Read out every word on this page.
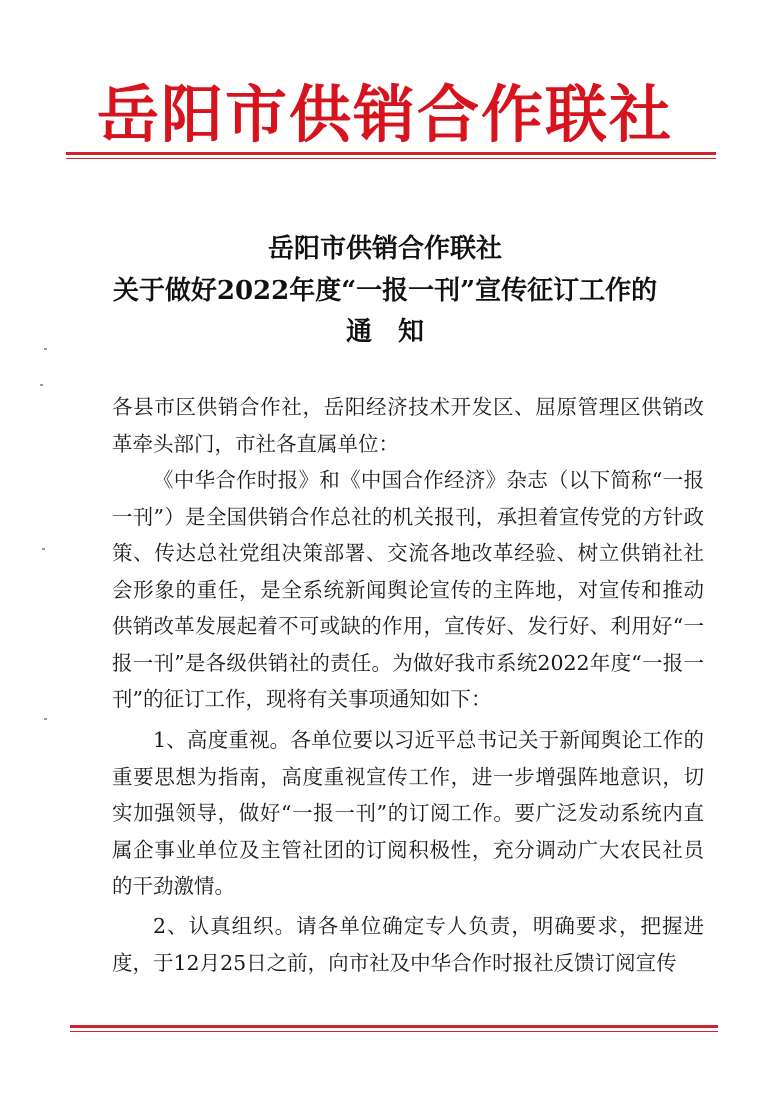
岳阳市供销合作联社
岳阳市供销合作联社
关于做好2022年度“一报一刊”宣传征订工作的
通知
各县市区供销合作社，岳阳经济技术开发区、屈原管理区供销改革牵头部门，市社各直属单位：
《中华合作时报》和《中国合作经济》杂志（以下简称“一报一刊”）是全国供销合作总社的机关报刊，承担着宣传党的方针政策、传达总社党组决策部署、交流各地改革经验、树立供销社社会形象的重任，是全系统新闻舆论宣传的主阵地，对宣传和推动供销改革发展起着不可或缺的作用，宣传好、发行好、利用好“一报一刊”是各级供销社的责任。为做好我市系统2022年度“一报一刊”的征订工作，现将有关事项通知如下：
1、高度重视。各单位要以习近平总书记关于新闻舆论工作的重要思想为指南，高度重视宣传工作，进一步增强阵地意识，切实加强领导，做好“一报一刊”的订阅工作。要广泛发动系统内直属企事业单位及主管社团的订阅积极性，充分调动广大农民社员的干劲激情。
2、认真组织。请各单位确定专人负责，明确要求，把握进度，于12月25日之前，向市社及中华合作时报社反馈订阅宣传
